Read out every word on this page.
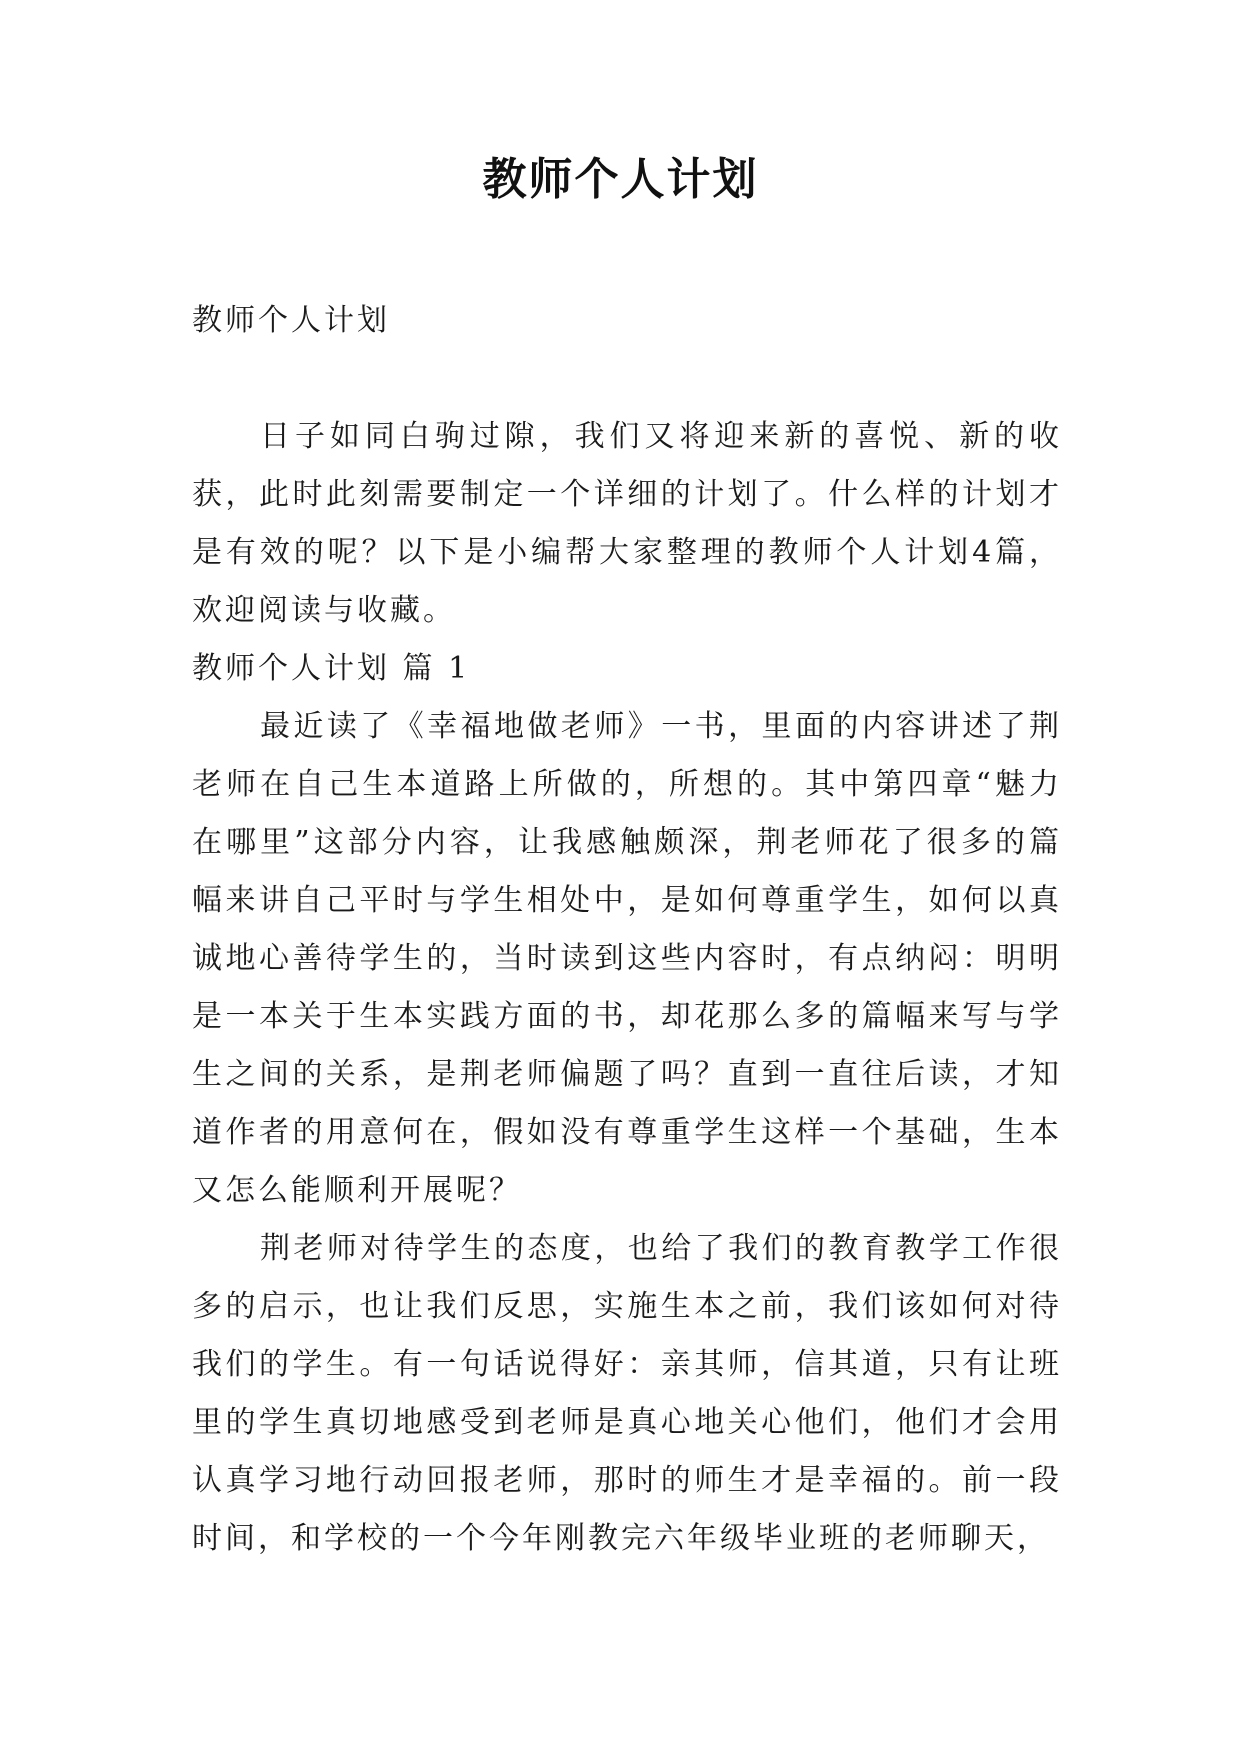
教师个人计划

教师个人计划

日子如同白驹过隙，我们又将迎来新的喜悦、新的收获，此时此刻需要制定一个详细的计划了。什么样的计划才是有效的呢？以下是小编帮大家整理的教师个人计划4篇，欢迎阅读与收藏。

教师个人计划 篇 1

最近读了《幸福地做老师》一书，里面的内容讲述了荆老师在自己生本道路上所做的，所想的。其中第四章“魅力在哪里”这部分内容，让我感触颇深，荆老师花了很多的篇幅来讲自己平时与学生相处中，是如何尊重学生，如何以真诚地心善待学生的，当时读到这些内容时，有点纳闷：明明是一本关于生本实践方面的书，却花那么多的篇幅来写与学生之间的关系，是荆老师偏题了吗？直到一直往后读，才知道作者的用意何在，假如没有尊重学生这样一个基础，生本又怎么能顺利开展呢？

荆老师对待学生的态度，也给了我们的教育教学工作很多的启示，也让我们反思，实施生本之前，我们该如何对待我们的学生。有一句话说得好：亲其师，信其道，只有让班里的学生真切地感受到老师是真心地关心他们，他们才会用认真学习地行动回报老师，那时的师生才是幸福的。前一段时间，和学校的一个今年刚教完六年级毕业班的老师聊天，
